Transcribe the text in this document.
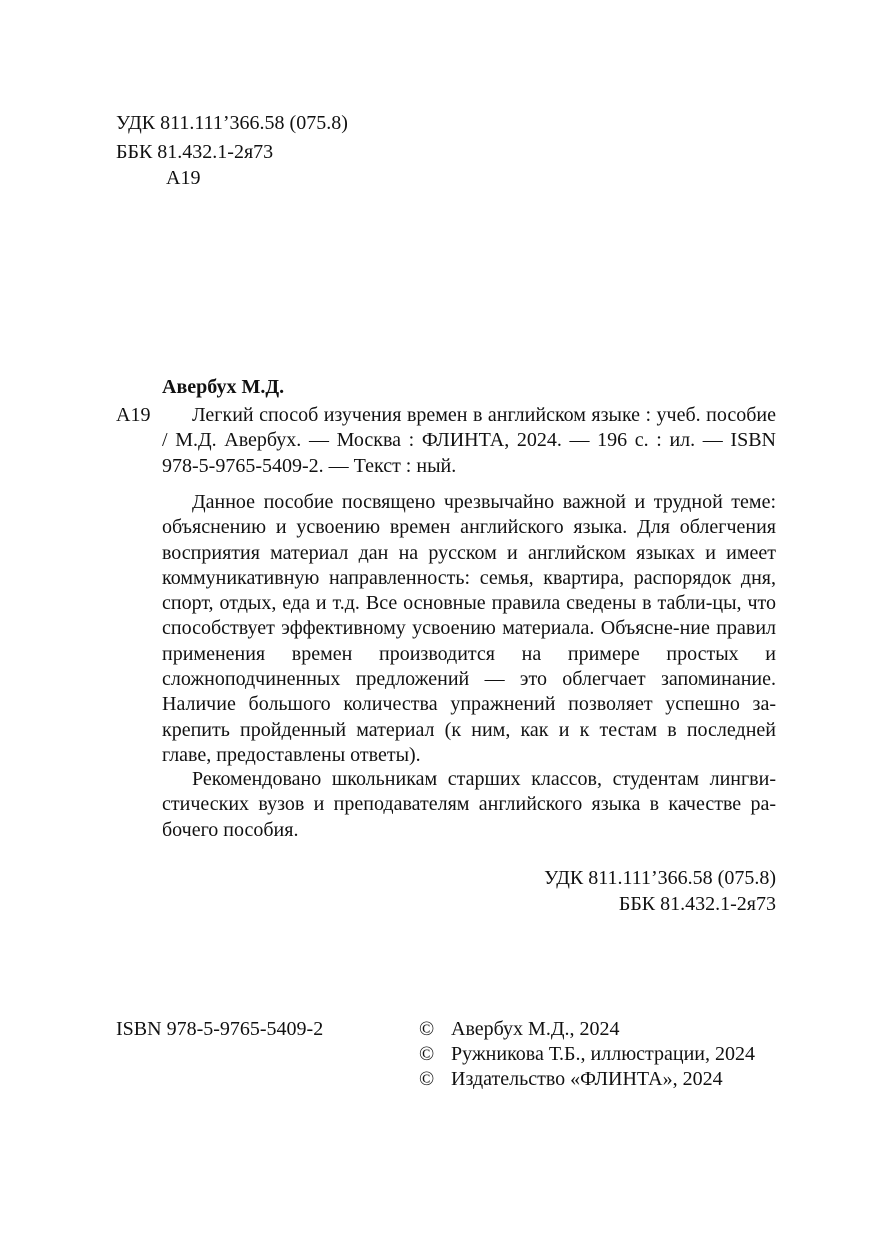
УДК 811.111’366.58 (075.8)
ББК 81.432.1-2я73
А19
Авербух М.Д.
А19	Легкий способ изучения времен в английском языке : учеб. пособие / М.Д. Авербух. — Москва : ФЛИНТА, 2024. — 196 с. : ил. — ISBN 978-5-9765-5409-2. — Текст : ный.
Данное пособие посвящено чрезвычайно важной и трудной теме: объяснению и усвоению времен английского языка. Для облегчения восприятия материал дан на русском и английском языках и имеет коммуникативную направленность: семья, квартира, распорядок дня, спорт, отдых, еда и т.д. Все основные правила сведены в табли-цы, что способствует эффективному усвоению материала. Объясне-ние правил применения времен производится на примере простых и сложноподчиненных предложений — это облегчает запоминание. Наличие большого количества упражнений позволяет успешно за-крепить пройденный материал (к ним, как и к тестам в последней главе, предоставлены ответы).
Рекомендовано школьникам старших классов, студентам лингви-стических вузов и преподавателям английского языка в качестве ра-бочего пособия.
УДК 811.111’366.58 (075.8)
ББК 81.432.1-2я73
ISBN 978-5-9765-5409-2	© Авербух М.Д., 2024
© Ружникова Т.Б., иллюстрации, 2024
© Издательство «ФЛИНТА», 2024
